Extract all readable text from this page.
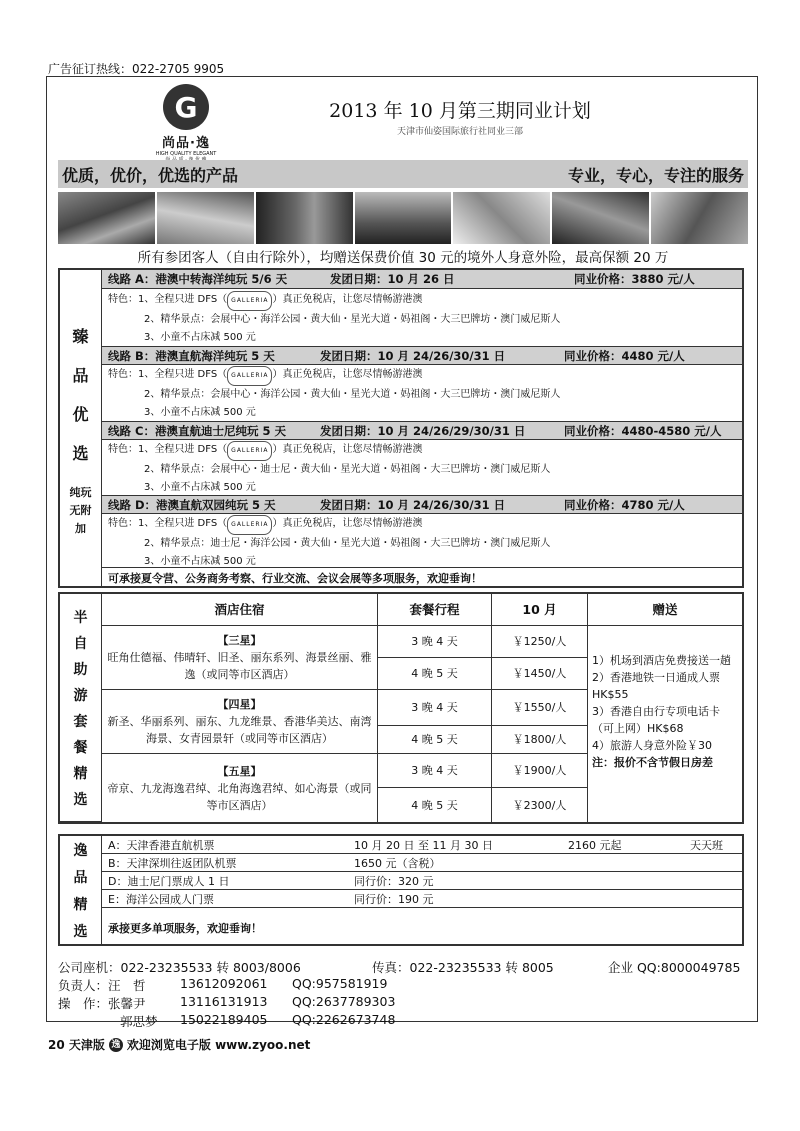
广告征订热线：022-2705 9905
G
尚品·逸
HIGH QUALITY ELEGANT
2013 年 10 月第三期同业计划
天津市仙姿国际旅行社同业三部
优质，优价，优选的产品	专业，专心，专注的服务
所有参团客人（自由行除外），均赠送保费价值 30 元的境外人身意外险，最高保额 20 万
臻
品
优
选
纯玩
无附
加
线路 A：港澳中转海洋纯玩 5/6 天	发团日期：10 月 26 日	同业价格：3880 元/人
特色：1、全程只进 DFS（ GALLERIA ）真正免税店，让您尽情畅游港澳
2、精华景点：会展中心・海洋公园・黄大仙・星光大道・妈祖阁・大三巴牌坊・澳门威尼斯人
3、小童不占床减 500 元
线路 B：港澳直航海洋纯玩 5 天	发团日期：10 月 24/26/30/31 日	同业价格：4480 元/人
特色：1、全程只进 DFS（ GALLERIA ）真正免税店，让您尽情畅游港澳
2、精华景点：会展中心・海洋公园・黄大仙・星光大道・妈祖阁・大三巴牌坊・澳门威尼斯人
3、小童不占床减 500 元
线路 C：港澳直航迪士尼纯玩 5 天	发团日期：10 月 24/26/29/30/31 日	同业价格：4480-4580 元/人
特色：1、全程只进 DFS（ GALLERIA ）真正免税店，让您尽情畅游港澳
2、精华景点：会展中心・迪士尼・黄大仙・星光大道・妈祖阁・大三巴牌坊・澳门威尼斯人
3、小童不占床减 500 元
线路 D：港澳直航双园纯玩 5 天	发团日期：10 月 24/26/30/31 日	同业价格：4780 元/人
特色：1、全程只进 DFS（ GALLERIA ）真正免税店，让您尽情畅游港澳
2、精华景点：迪士尼・海洋公园・黄大仙・星光大道・妈祖阁・大三巴牌坊・澳门威尼斯人
3、小童不占床减 500 元
可承接夏令营、公务商务考察、行业交流、会议会展等多项服务，欢迎垂询！
半
自
助
游
套
餐
精
选
酒店住宿	套餐行程	10 月	赠送
【三星】
旺角仕德福、伟晴轩、旧圣、丽东系列、海景丝丽、雅逸（或同等市区酒店）
3 晚 4 天	￥1250/人
4 晚 5 天	￥1450/人
【四星】
新圣、华丽系列、丽东、九龙维景、香港华美达、南湾海景、女青园景轩（或同等市区酒店）
3 晚 4 天	￥1550/人
4 晚 5 天	￥1800/人
【五星】
帝京、九龙海逸君绰、北角海逸君绰、如心海景（或同等市区酒店）
3 晚 4 天	￥1900/人
4 晚 5 天	￥2300/人
1）机场到酒店免费接送一趟
2）香港地铁一日通成人票 HK$55
3）香港自由行专项电话卡（可上网）HK$68
4）旅游人身意外险￥30
注：报价不含节假日房差
逸
品
精
选
A：天津香港直航机票	10 月 20 日 至 11 月 30 日	2160 元起	天天班
B：天津深圳往返团队机票	1650 元（含税）
D：迪士尼门票成人 1 日	同行价：320 元
E：海洋公园成人门票	同行价：190 元
承接更多单项服务，欢迎垂询！
公司座机：022-23235533 转 8003/8006	传真：022-23235533 转 8005	企业 QQ:8000049785
负责人：汪　哲	13612092061 QQ:957581919
操　作：张馨尹	13116131913 QQ:2637789303
郭思梦 15022189405 QQ:2262673748
20 天津版 逸 欢迎浏览电子版 www.zyoo.net
